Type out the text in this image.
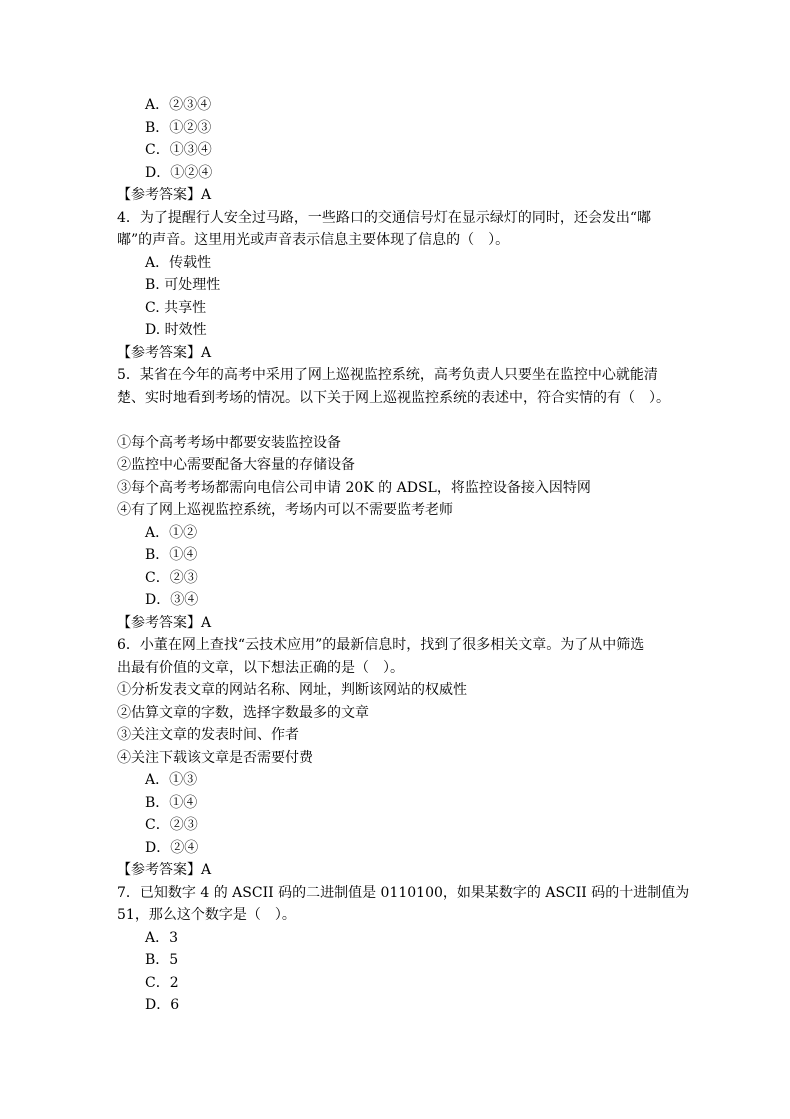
A．②③④
B．①②③
C．①③④
D．①②④
【参考答案】A
4．为了提醒行人安全过马路，一些路口的交通信号灯在显示绿灯的同时，还会发出“嘟
嘟”的声音。这里用光或声音表示信息主要体现了信息的（　）。
A．传载性
B. 可处理性
C. 共享性
D. 时效性
【参考答案】A
5．某省在今年的高考中采用了网上巡视监控系统，高考负责人只要坐在监控中心就能清
楚、实时地看到考场的情况。以下关于网上巡视监控系统的表述中，符合实情的有（　）。
①每个高考考场中都要安装监控设备
②监控中心需要配备大容量的存储设备
③每个高考考场都需向电信公司申请 20K 的 ADSL，将监控设备接入因特网
④有了网上巡视监控系统，考场内可以不需要监考老师
A．①②
B．①④
C．②③
D．③④
【参考答案】A
6．小董在网上查找“云技术应用”的最新信息时，找到了很多相关文章。为了从中筛选
出最有价值的文章，以下想法正确的是（　）。
①分析发表文章的网站名称、网址，判断该网站的权威性
②估算文章的字数，选择字数最多的文章
③关注文章的发表时间、作者
④关注下载该文章是否需要付费
A．①③
B．①④
C．②③
D．②④
【参考答案】A
7．已知数字 4 的 ASCII 码的二进制值是 0110100，如果某数字的 ASCII 码的十进制值为
51，那么这个数字是（　）。
A．3
B．5
C．2
D．6
